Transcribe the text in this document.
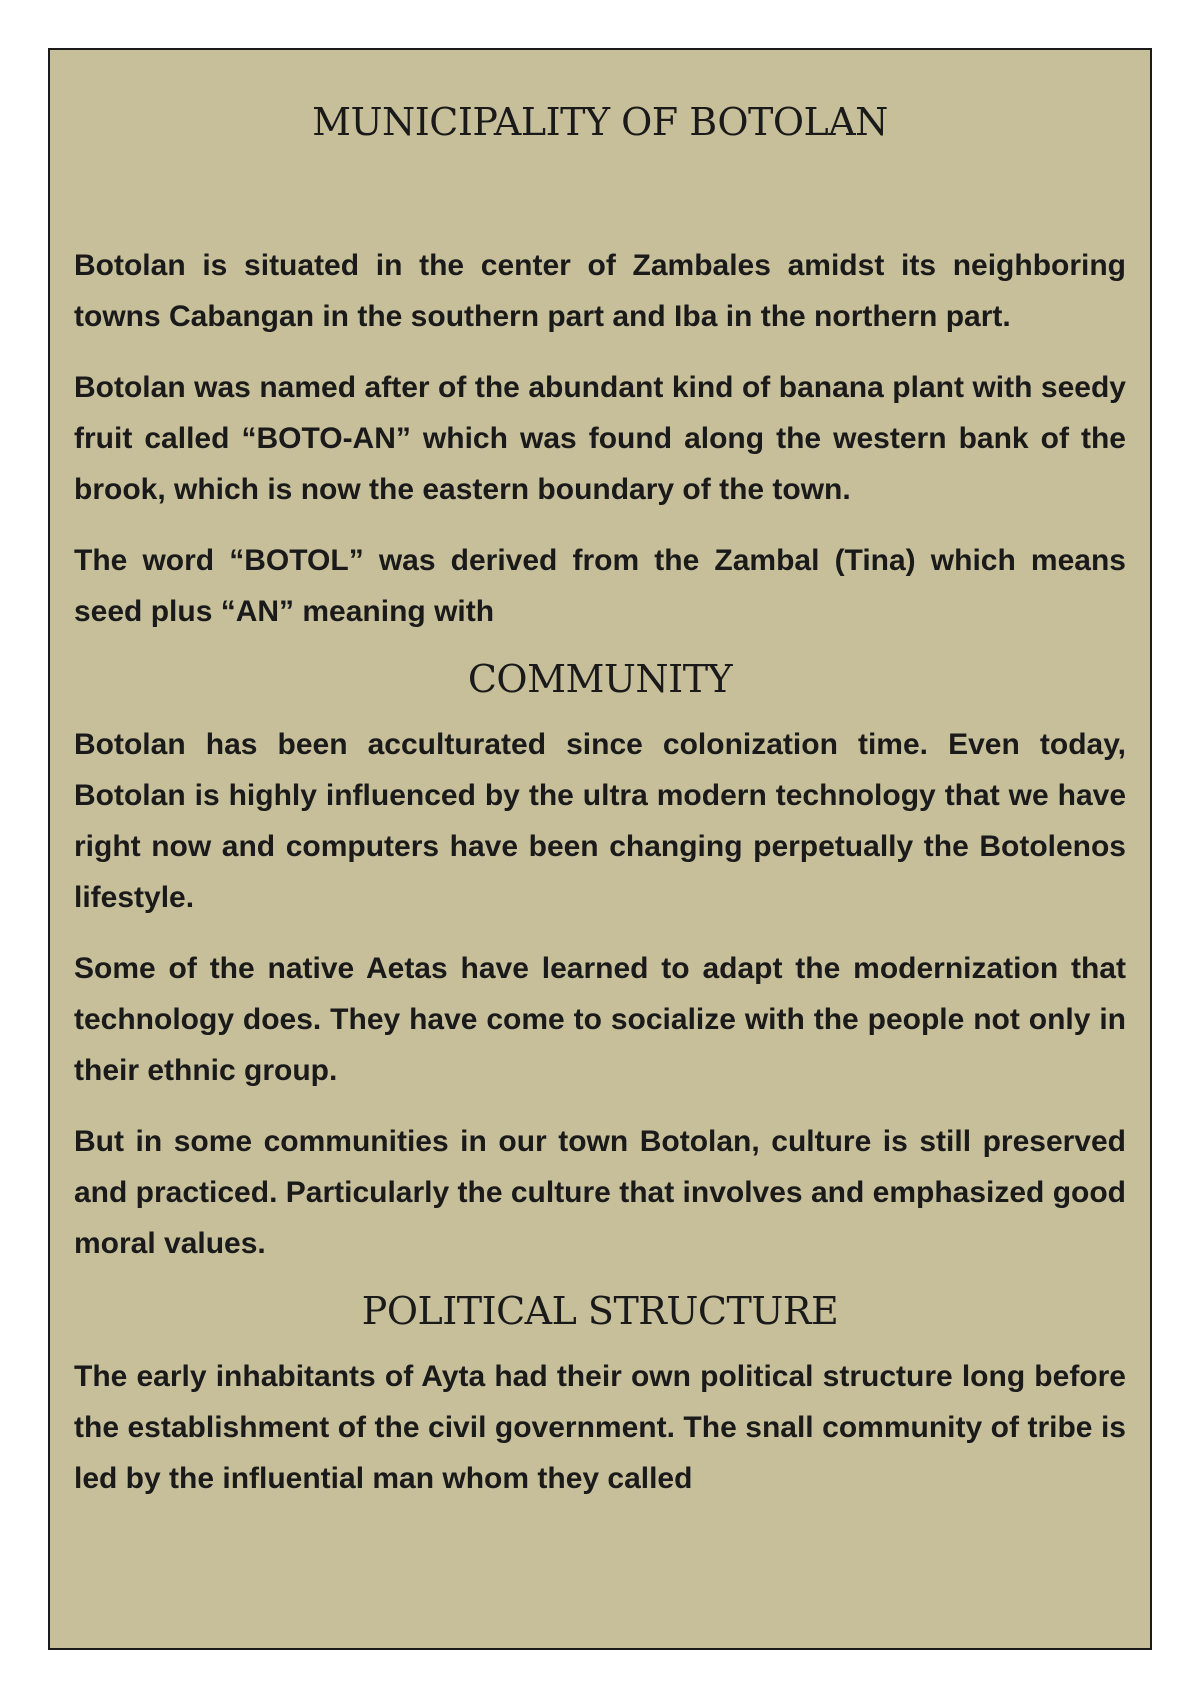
MUNICIPALITY OF BOTOLAN

Botolan is situated in the center of Zambales amidst its neighboring towns Cabangan in the southern part and Iba in the northern part.

Botolan was named after of the abundant kind of banana plant with seedy fruit called “BOTO-AN” which was found along the western bank of the brook, which is now the eastern boundary of the town.

The word “BOTOL” was derived from the Zambal (Tina) which means seed plus “AN” meaning with

COMMUNITY

Botolan has been acculturated since colonization time. Even today, Botolan is highly influenced by the ultra modern technology that we have right now and computers have been changing perpetually the Botolenos lifestyle.

Some of the native Aetas have learned to adapt the modernization that technology does. They have come to socialize with the people not only in their ethnic group.

But in some communities in our town Botolan, culture is still preserved and practiced. Particularly the culture that involves and emphasized good moral values.

POLITICAL STRUCTURE

The early inhabitants of Ayta had their own political structure long before the establishment of the civil government. The snall community of tribe is led by the influential man whom they called
